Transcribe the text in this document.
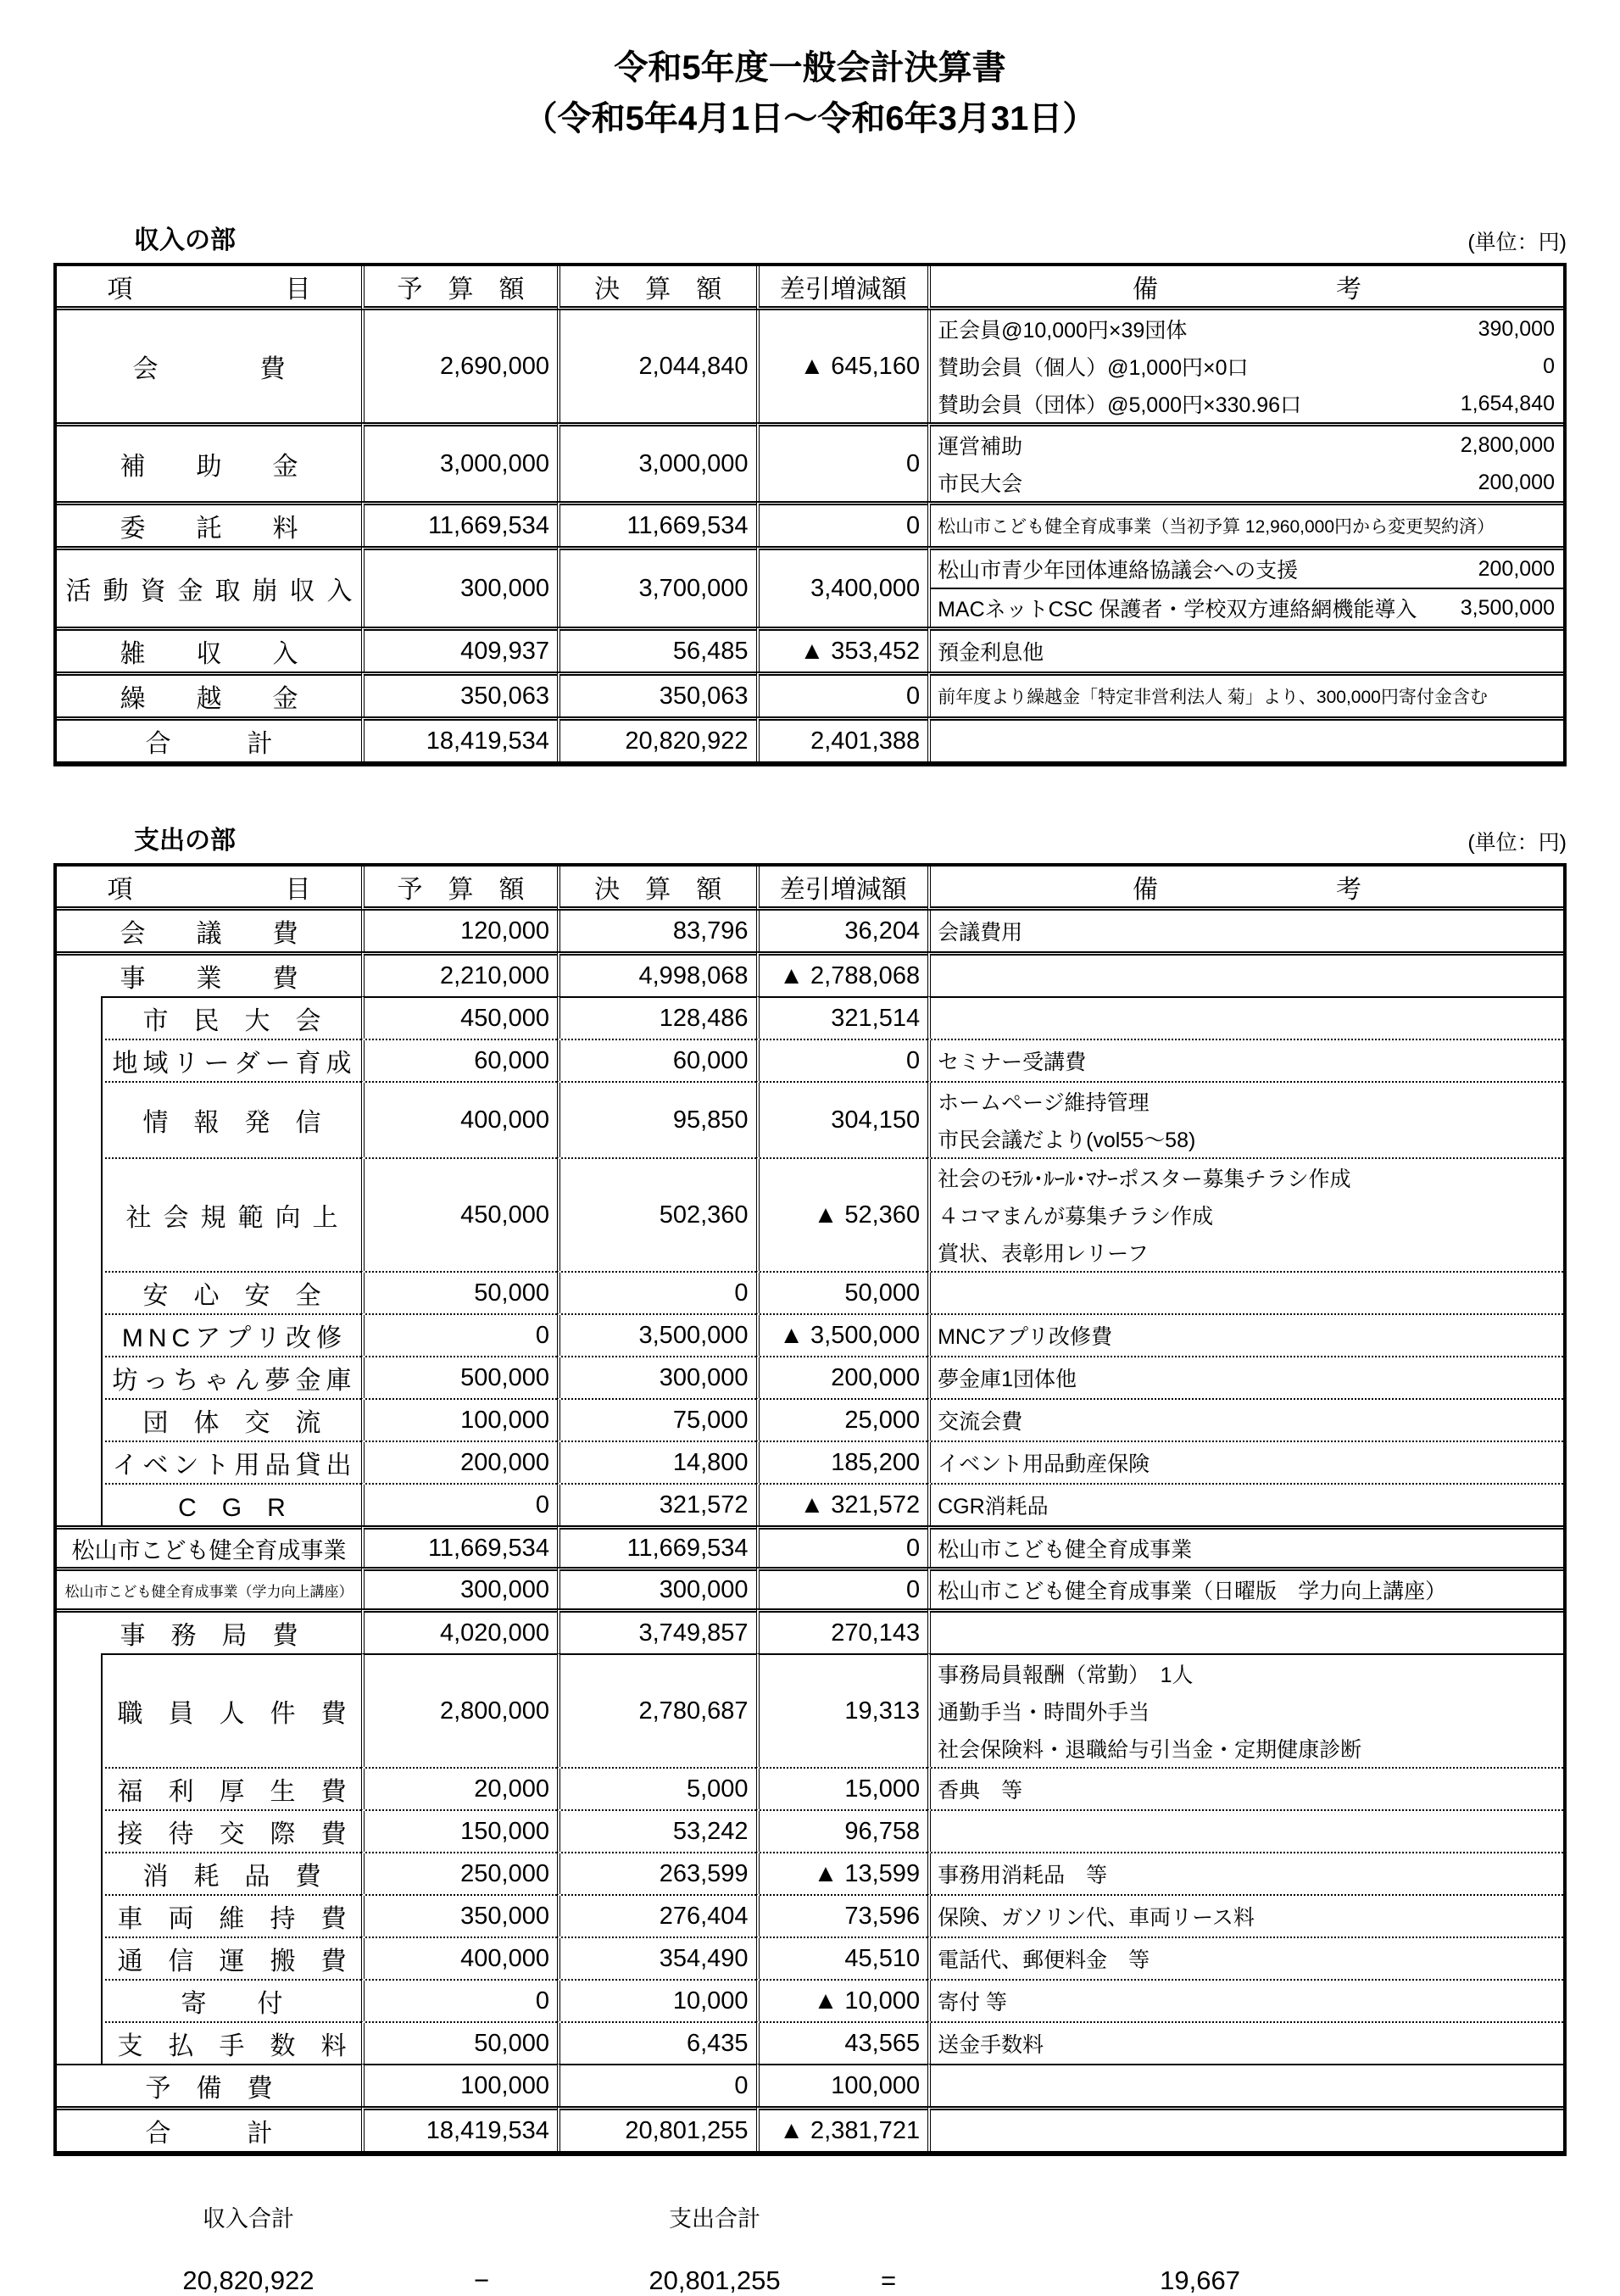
令和5年度一般会計決算書
（令和5年4月1日～令和6年3月31日）
収入の部	(単位：円)
項　　　　　　目	予　算　額	決　算　額	差引増減額	備　　　　　　　考
会　　　　費	2,690,000	2,044,840	▲ 645,160
正会員@10,000円×39団体	390,000
賛助会員（個人）@1,000円×0口	0
賛助会員（団体）@5,000円×330.96口	1,654,840
補　　助　　金	3,000,000	3,000,000	0
運営補助	2,800,000
市民大会	200,000
委　　託　　料	11,669,534	11,669,534	0	松山市こども健全育成事業（当初予算 12,960,000円から変更契約済）
活動資金取崩収入	300,000	3,700,000	3,400,000
松山市青少年団体連絡協議会への支援	200,000
MACネットCSC 保護者・学校双方連絡網機能導入 3,500,000
雑　　収　　入	409,937	56,485	▲ 353,452 預金利息他
繰　　越　　金	350,063	350,063	0	前年度より繰越金「特定非営利法人 菊」より、300,000円寄付金含む
合　　　計	18,419,534	20,820,922	2,401,388
支出の部	(単位：円)
項　　　　　　目	予　算　額	決　算　額	差引増減額	備　　　　　　　考
会　　議　　費	120,000	83,796	36,204 会議費用
事　　業　　費	2,210,000	4,998,068	▲ 2,788,068
市　民　大　会	450,000	128,486	321,514
地域リーダー育成	60,000	60,000	0 セミナー受講費
情　報　発　信	400,000	95,850	304,150
ホームページ維持管理
市民会議だより(vol55～58)
社会規範向上	450,000	502,360	▲ 52,360
社会のﾓﾗﾙ･ﾙｰﾙ･ﾏﾅｰポスター募集チラシ作成
４コマまんが募集チラシ作成
賞状、表彰用レリーフ
安　心　安　全	50,000	0	50,000
MNCアプリ改修	0	3,500,000	▲ 3,500,000 MNCアプリ改修費
坊っちゃん夢金庫	500,000	300,000	200,000 夢金庫1団体他
団　体　交　流	100,000	75,000	25,000 交流会費
イベント用品貸出	200,000	14,800	185,200 イベント用品動産保険
C　G　R	0	321,572	▲ 321,572 CGR消耗品
松山市こども健全育成事業	11,669,534	11,669,534	0 松山市こども健全育成事業
松山市こども健全育成事業（学力向上講座）	300,000	300,000	0 松山市こども健全育成事業（日曜版　学力向上講座）
事　務　局　費	4,020,000	3,749,857	270,143
職　員　人　件　費	2,800,000	2,780,687	19,313
事務局員報酬（常勤）　1人
通勤手当・時間外手当
社会保険料・退職給与引当金・定期健康診断
福　利　厚　生　費	20,000	5,000	15,000 香典　等
接　待　交　際　費	150,000	53,242	96,758
消　耗　品　費	250,000	263,599	▲ 13,599 事務用消耗品　等
車　両　維　持　費	350,000	276,404	73,596 保険、ガソリン代、車両リース料
通　信　運　搬　費	400,000	354,490	45,510 電話代、郵便料金　等
寄　　付	0	10,000	▲ 10,000 寄付 等
支　払　手　数　料	50,000	6,435	43,565 送金手数料
予　備　費	100,000	0	100,000
合　　　計	18,419,534	20,801,255	▲ 2,381,721
収入合計	支出合計
20,820,922	−	20,801,255	=	19,667
